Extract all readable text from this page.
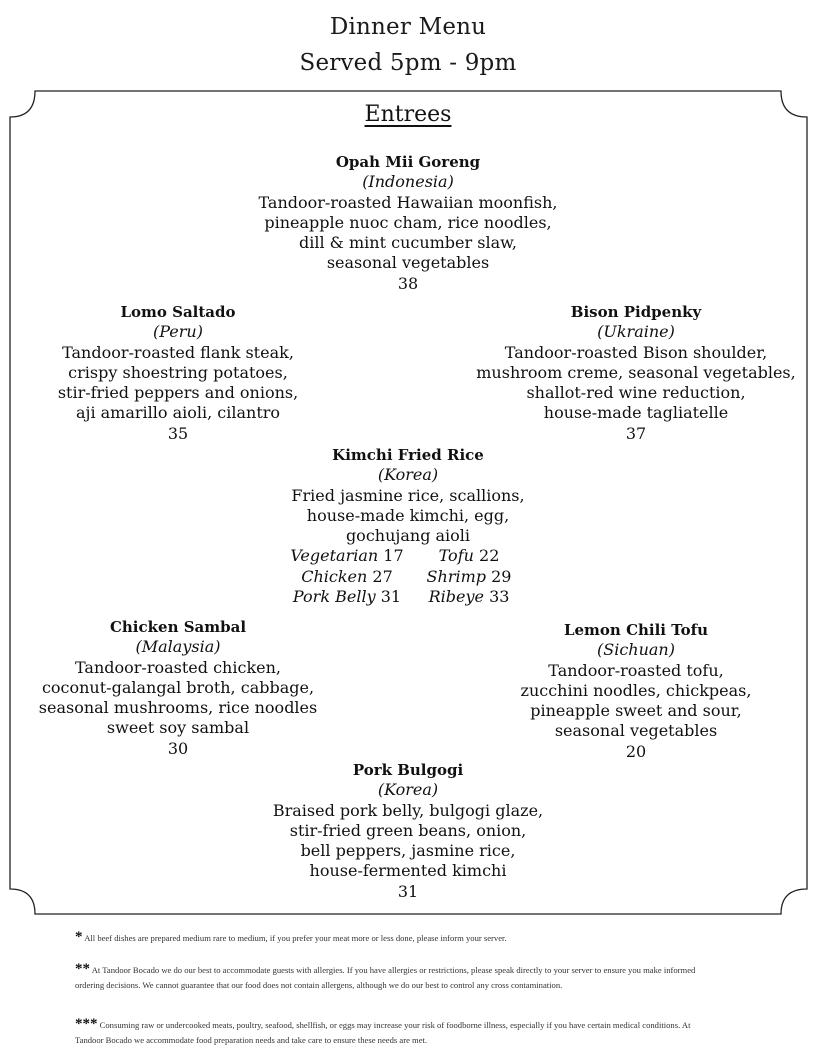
Dinner Menu
Served 5pm - 9pm
Entrees
Opah Mii Goreng
(Indonesia)
Tandoor-roasted Hawaiian moonfish,
pineapple nuoc cham, rice noodles,
dill & mint cucumber slaw,
seasonal vegetables
38
Lomo Saltado
(Peru)
Tandoor-roasted flank steak,
crispy shoestring potatoes,
stir-fried peppers and onions,
aji amarillo aioli, cilantro
35
Bison Pidpenky
(Ukraine)
Tandoor-roasted Bison shoulder,
mushroom creme, seasonal vegetables,
shallot-red wine reduction,
house-made tagliatelle
37
Kimchi Fried Rice
(Korea)
Fried jasmine rice, scallions,
house-made kimchi, egg,
gochujang aioli
Vegetarian 17	Tofu 22
Chicken 27	Shrimp 29
Pork Belly 31	Ribeye 33
Chicken Sambal
(Malaysia)
Tandoor-roasted chicken,
coconut-galangal broth, cabbage,
seasonal mushrooms, rice noodles
sweet soy sambal
30
Lemon Chili Tofu
(Sichuan)
Tandoor-roasted tofu,
zucchini noodles, chickpeas,
pineapple sweet and sour,
seasonal vegetables
20
Pork Bulgogi
(Korea)
Braised pork belly, bulgogi glaze,
stir-fried green beans, onion,
bell peppers, jasmine rice,
house-fermented kimchi
31
* All beef dishes are prepared medium rare to medium, if you prefer your meat more or less done, please inform your server.
** At Tandoor Bocado we do our best to accommodate guests with allergies. If you have allergies or restrictions, please speak directly to your server to ensure you make informed ordering decisions. We cannot guarantee that our food does not contain allergens, although we do our best to control any cross contamination.
*** Consuming raw or undercooked meats, poultry, seafood, shellfish, or eggs may increase your risk of foodborne illness, especially if you have certain medical conditions. At Tandoor Bocado we accommodate food preparation needs and take care to ensure these needs are met.
